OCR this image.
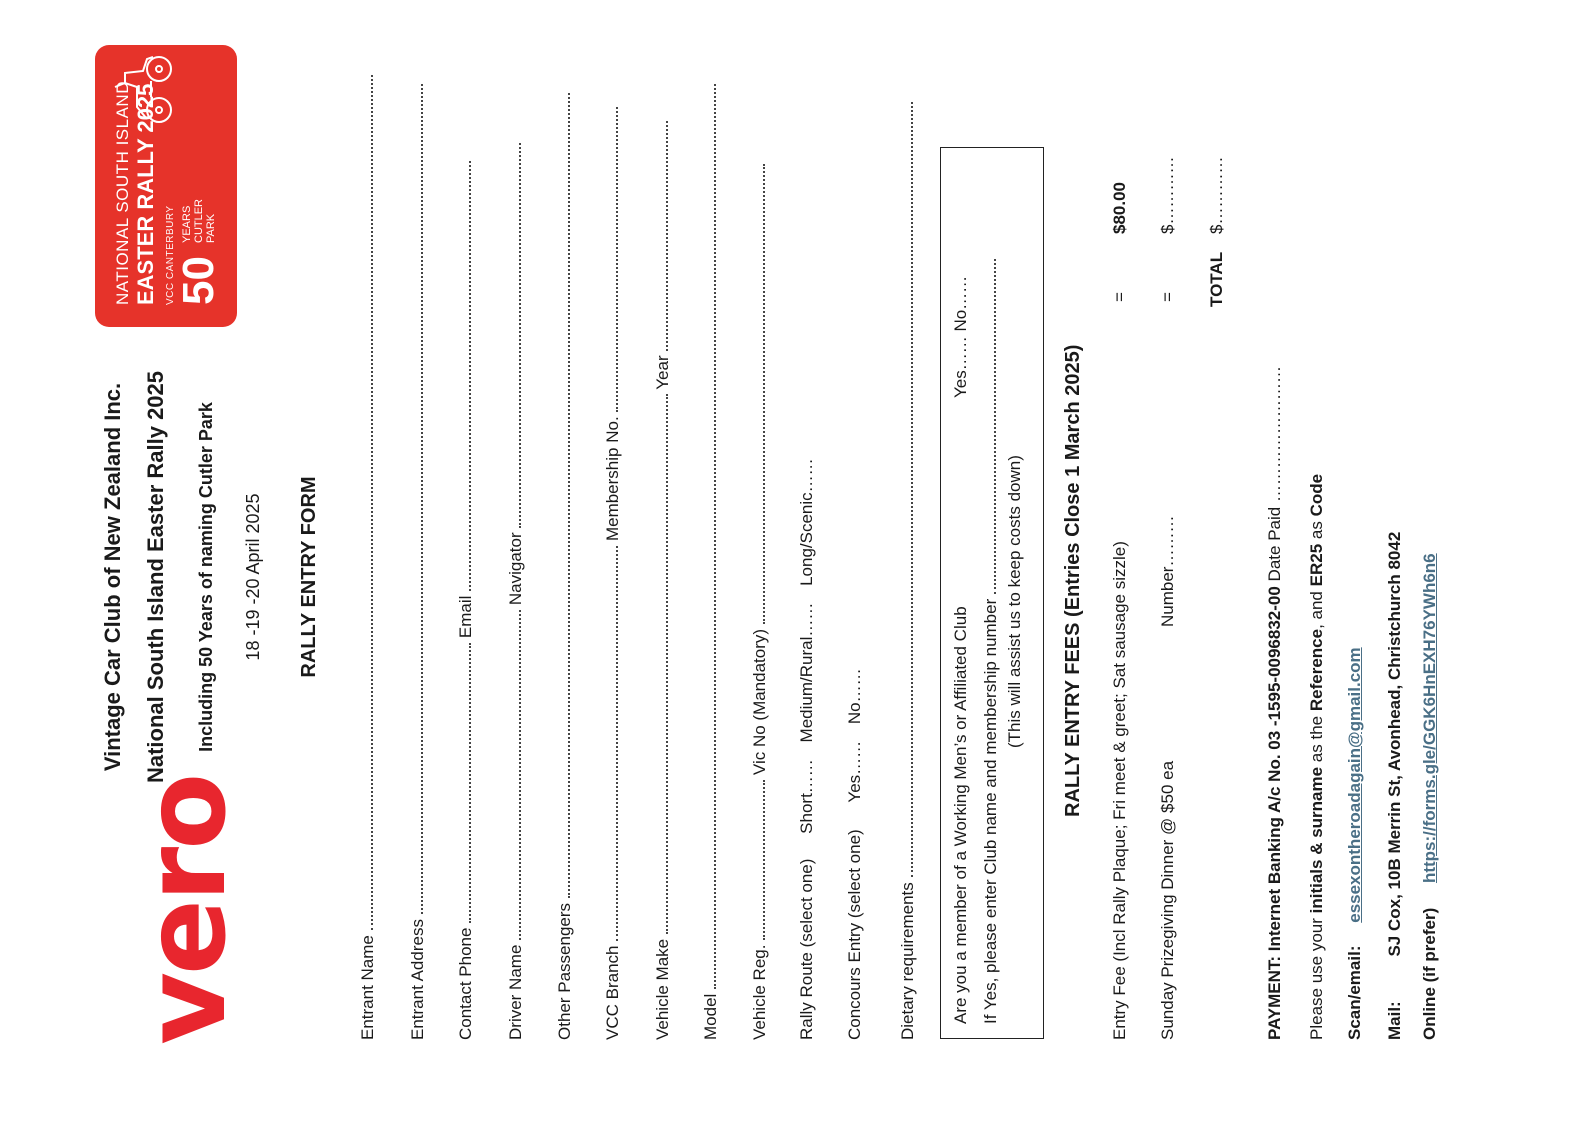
vero
NATIONAL SOUTH ISLAND EASTER RALLY 2025 VCC CANTERBURY
50
YEARS CUTLER PARK
Vintage Car Club of New Zealand Inc. National South Island Easter Rally 2025 Including 50 Years of naming Cutler Park 18 -19 -20 April 2025 RALLY ENTRY FORM
Entrant Name Entrant Address Contact Phone  Email
Driver Name  Navigator
Other Passengers VCC Branch  Membership No.
Vehicle Make  Year
Model Vehicle Reg.  Vic No (Mandatory)
Rally Route (select one) Short…… Medium/Rural…… Long/Scenic……
Concours Entry (select one) Yes…… No……
Dietary requirements Are you a member of a Working Men’s or Affiliated Club
Yes…… No……
If Yes, please enter Club name and membership number (This will assist us to keep costs down) RALLY ENTRY FEES (Entries Close 1 March 2025) Entry Fee (Incl Rally Plaque; Fri meet & greet; Sat sausage sizzle)
=
$80.00
Sunday Prizegiving Dinner @ $50 ea
Number………
=
$…………
TOTAL
$…………
PAYMENT: Internet Banking A/c No. 03 -1595-0096832-00 Date Paid ……………………
Please use your initials & surname as the Reference, and ER25 as Code
Scan/email: essexontheroadagain@gmail.com
Mail: SJ Cox, 10B Merrin St, Avonhead, Christchurch 8042
Online (if prefer) https://forms.gle/GGK6HnEXH76YWh6n6
